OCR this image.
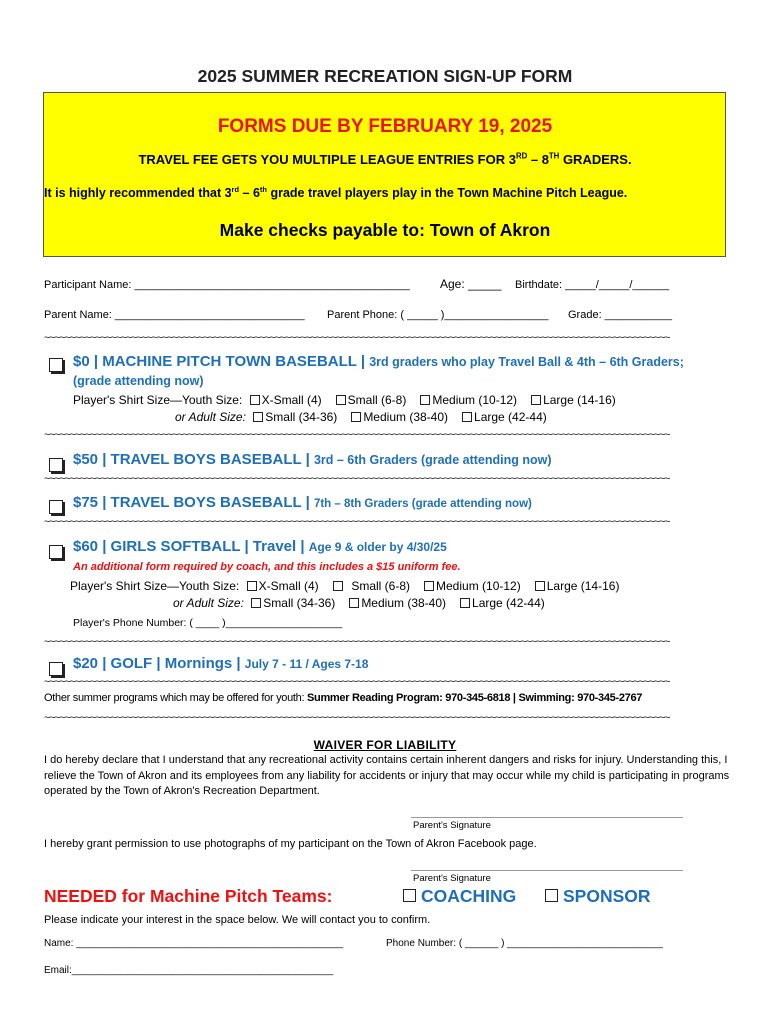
2025 SUMMER RECREATION SIGN-UP FORM
FORMS DUE BY FEBRUARY 19, 2025
TRAVEL FEE GETS YOU MULTIPLE LEAGUE ENTRIES FOR 3RD – 8TH GRADERS.
It is highly recommended that 3rd – 6th grade travel players play in the Town Machine Pitch League.
Make checks payable to: Town of Akron
Participant Name: _____________________________________________	Age: _____ Birthdate: _____/_____/______
Parent Name: _______________________________ Parent Phone: ( _____ )_________________ Grade: ___________
~~~~~~~~~~~~~~~~~~~~~~~~~~~~~~~~~~~~~~~~~~~~~~~~~~~~~~~~~~~~~~~~~~~~~~~~~~~~~~~~~~~~~~~~~~~~~~~~~~~~~~~~~~~~~~~~~~~~~~~~~~
$0 | MACHINE PITCH TOWN BASEBALL | 3rd graders who play Travel Ball & 4th – 6th Graders;
(grade attending now)
Player's Shirt Size—Youth Size: X-Small (4) Small (6-8) Medium (10-12) Large (14-16)
or Adult Size: Small (34-36) Medium (38-40) Large (42-44)
~~~~~~~~~~~~~~~~~~~~~~~~~~~~~~~~~~~~~~~~~~~~~~~~~~~~~~~~~~~~~~~~~~~~~~~~~~~~~~~~~~~~~~~~~~~~~~~~~~~~~~~~~~~~~~~~~~~~~~~~~~
$50 | TRAVEL BOYS BASEBALL | 3rd – 6th Graders (grade attending now)
~~~~~~~~~~~~~~~~~~~~~~~~~~~~~~~~~~~~~~~~~~~~~~~~~~~~~~~~~~~~~~~~~~~~~~~~~~~~~~~~~~~~~~~~~~~~~~~~~~~~~~~~~~~~~~~~~~~~~~~~~~
$75 | TRAVEL BOYS BASEBALL | 7th – 8th Graders (grade attending now)
~~~~~~~~~~~~~~~~~~~~~~~~~~~~~~~~~~~~~~~~~~~~~~~~~~~~~~~~~~~~~~~~~~~~~~~~~~~~~~~~~~~~~~~~~~~~~~~~~~~~~~~~~~~~~~~~~~~~~~~~~~
$60 | GIRLS SOFTBALL | Travel | Age 9 & older by 4/30/25
An additional form required by coach, and this includes a $15 uniform fee.
Player's Shirt Size—Youth Size: X-Small (4)	Small (6-8) Medium (10-12) Large (14-16)
or Adult Size: Small (34-36) Medium (38-40) Large (42-44)
Player's Phone Number: ( ____ )____________________
~~~~~~~~~~~~~~~~~~~~~~~~~~~~~~~~~~~~~~~~~~~~~~~~~~~~~~~~~~~~~~~~~~~~~~~~~~~~~~~~~~~~~~~~~~~~~~~~~~~~~~~~~~~~~~~~~~~~~~~~~~
$20 | GOLF | Mornings | July 7 - 11 / Ages 7-18
~~~~~~~~~~~~~~~~~~~~~~~~~~~~~~~~~~~~~~~~~~~~~~~~~~~~~~~~~~~~~~~~~~~~~~~~~~~~~~~~~~~~~~~~~~~~~~~~~~~~~~~~~~~~~~~~~~~~~~~~~~
Other summer programs which may be offered for youth: Summer Reading Program: 970-345-6818 | Swimming: 970-345-2767
~~~~~~~~~~~~~~~~~~~~~~~~~~~~~~~~~~~~~~~~~~~~~~~~~~~~~~~~~~~~~~~~~~~~~~~~~~~~~~~~~~~~~~~~~~~~~~~~~~~~~~~~~~~~~~~~~~~~~~~~~~
WAIVER FOR LIABILITY
I do hereby declare that I understand that any recreational activity contains certain inherent dangers and risks for injury. Understanding this, I relieve the Town of Akron and its employees from any liability for accidents or injury that may occur while my child is participating in programs operated by the Town of Akron's Recreation Department.
Parent's Signature
I hereby grant permission to use photographs of my participant on the Town of Akron Facebook page.
Parent's Signature
NEEDED for Machine Pitch Teams:	COACHING	SPONSOR
Please indicate your interest in the space below. We will contact you to confirm.
Name: ________________________________________________	Phone Number: ( ______ ) ____________________________
Email:_______________________________________________
